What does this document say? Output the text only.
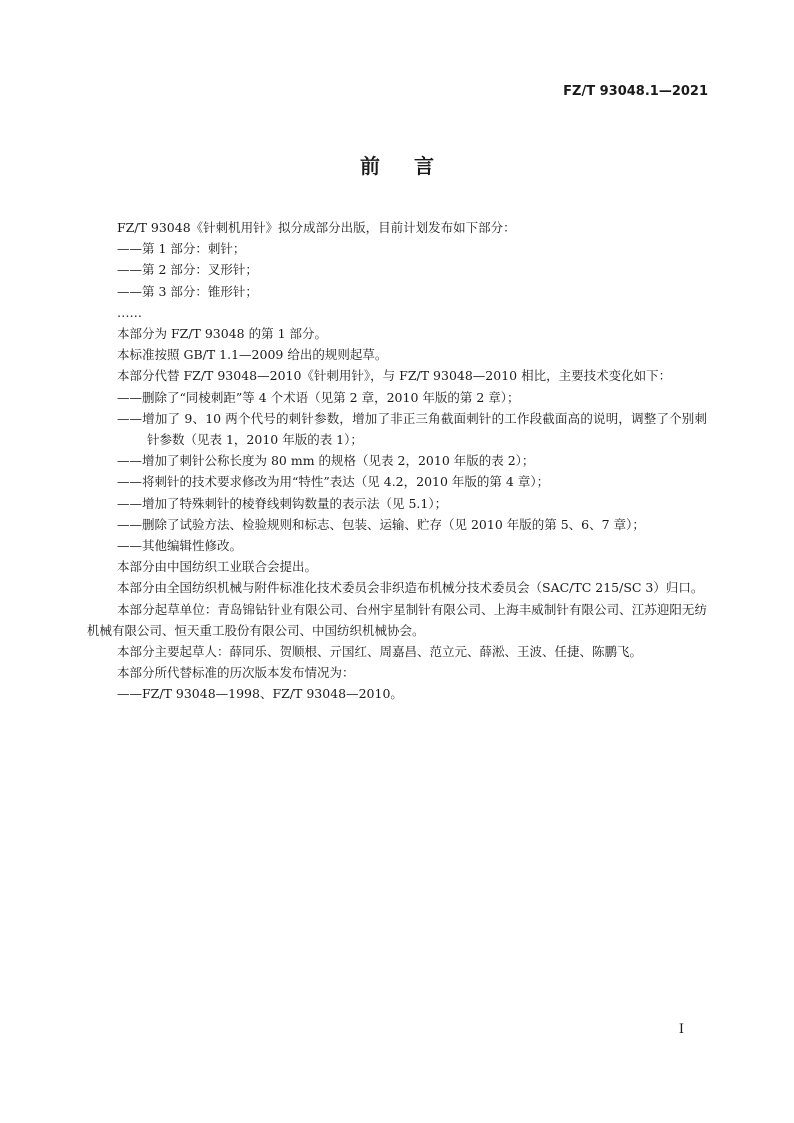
FZ/T 93048.1—2021
前言

FZ/T 93048《针刺机用针》拟分成部分出版，目前计划发布如下部分：

——第 1 部分：刺针；

——第 2 部分：叉形针；

——第 3 部分：锥形针；

……

本部分为 FZ/T 93048 的第 1 部分。

本标准按照 GB/T 1.1—2009 给出的规则起草。

本部分代替 FZ/T 93048—2010《针刺用针》，与 FZ/T 93048—2010 相比，主要技术变化如下：

——删除了“同棱刺距”等 4 个术语（见第 2 章，2010 年版的第 2 章）；

——增加了 9、10 两个代号的刺针参数，增加了非正三角截面刺针的工作段截面高的说明，调整了个别刺针参数（见表 1，2010 年版的表 1）；

——增加了刺针公称长度为 80 mm 的规格（见表 2，2010 年版的表 2）；

——将刺针的技术要求修改为用“特性”表达（见 4.2，2010 年版的第 4 章）；

——增加了特殊刺针的棱脊线刺钩数量的表示法（见 5.1）；

——删除了试验方法、检验规则和标志、包装、运输、贮存（见 2010 年版的第 5、6、7 章）；

——其他编辑性修改。

本部分由中国纺织工业联合会提出。

本部分由全国纺织机械与附件标准化技术委员会非织造布机械分技术委员会（SAC/TC 215/SC 3）归口。

本部分起草单位：青岛锦钻针业有限公司、台州宇星制针有限公司、上海丰威制针有限公司、江苏迎阳无纺机械有限公司、恒天重工股份有限公司、中国纺织机械协会。

本部分主要起草人：薛同乐、贺顺根、亓国红、周嘉昌、范立元、薛淞、王波、任捷、陈鹏飞。

本部分所代替标准的历次版本发布情况为：

——FZ/T 93048—1998、FZ/T 93048—2010。

I
